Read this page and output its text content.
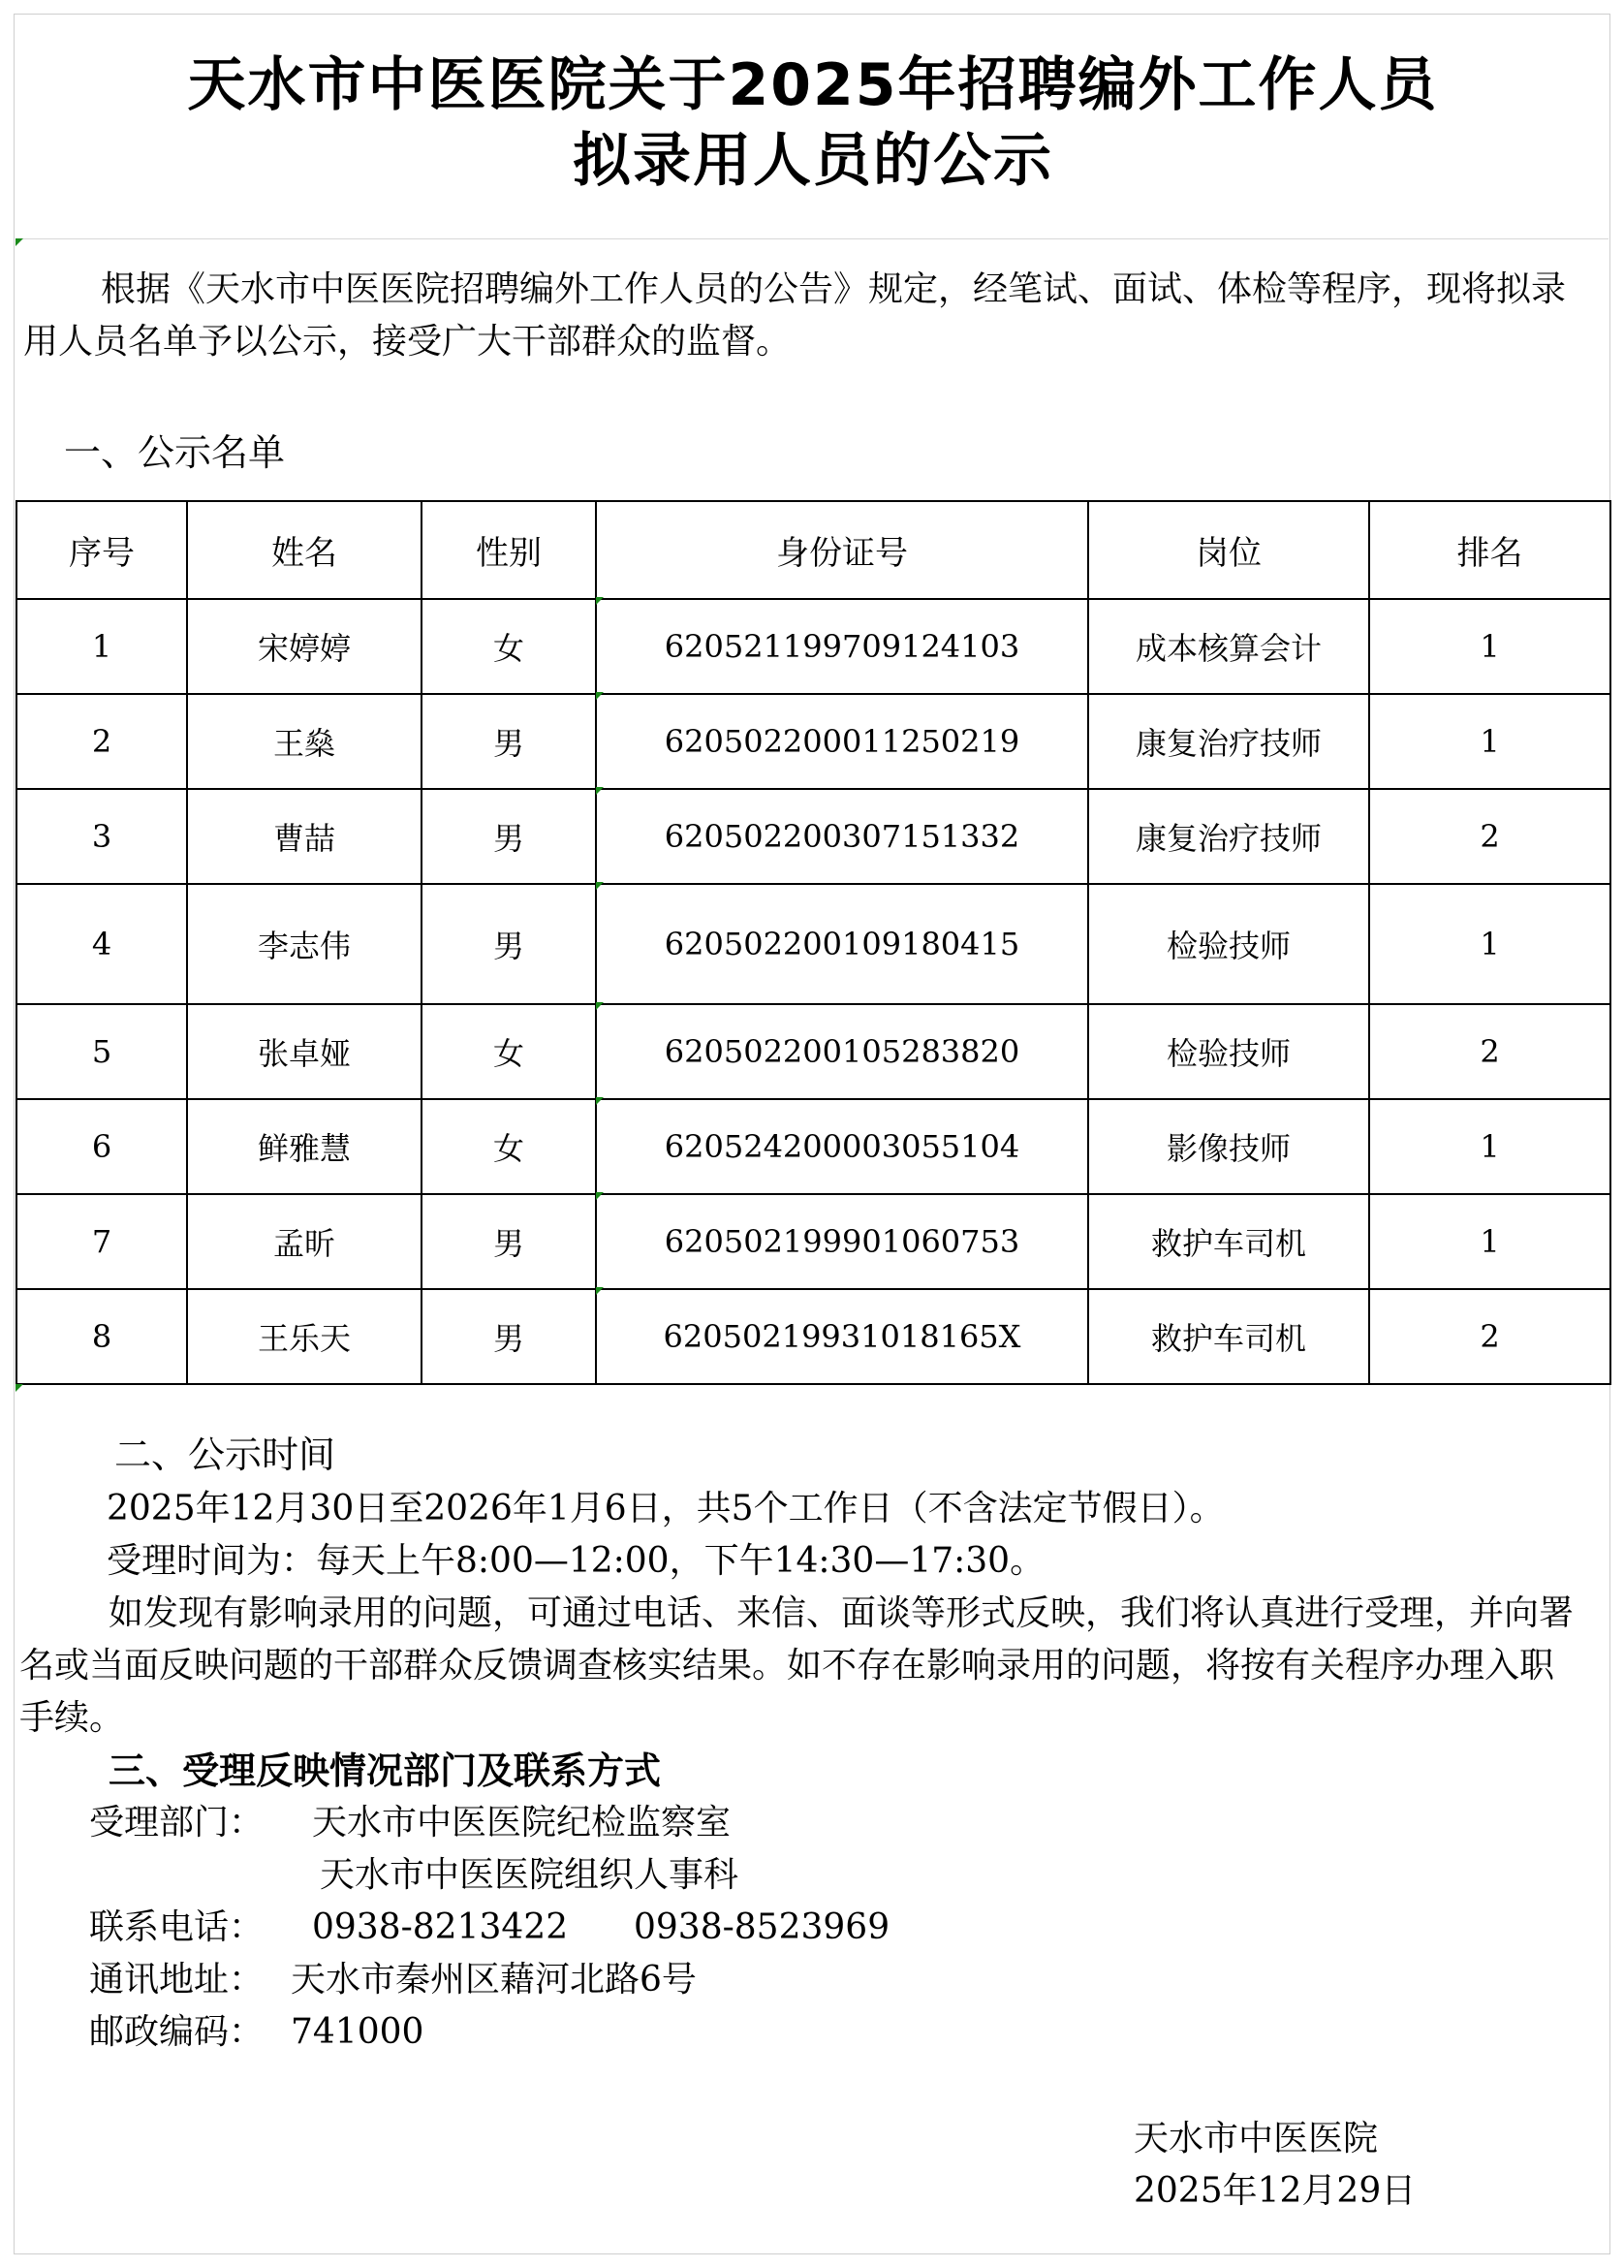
天水市中医医院关于2025年招聘编外工作人员
拟录用人员的公示
根据《天水市中医医院招聘编外工作人员的公告》规定，经笔试、面试、体检等程序，现将拟录用人员名单予以公示，接受广大干部群众的监督。
一、公示名单
序号	姓名	性别	身份证号	岗位	排名
1	宋婷婷	女	620521199709124103	成本核算会计	1
2	王燊	男	620502200011250219	康复治疗技师	1
3	曹喆	男	620502200307151332	康复治疗技师	2
4	李志伟	男	620502200109180415	检验技师	1
5	张卓娅	女	620502200105283820	检验技师	2
6	鲜雅慧	女	620524200003055104	影像技师	1
7	孟昕	男	620502199901060753	救护车司机	1
8	王乐天	男	62050219931018165X	救护车司机	2
二、公示时间
2025年12月30日至2026年1月6日，共5个工作日（不含法定节假日）。
受理时间为：每天上午8:00—12:00，下午14:30—17:30。
如发现有影响录用的问题，可通过电话、来信、面谈等形式反映，我们将认真进行受理，并向署名或当面反映问题的干部群众反馈调查核实结果。如不存在影响录用的问题，将按有关程序办理入职手续。
三、受理反映情况部门及联系方式
受理部门： 天水市中医医院纪检监察室
天水市中医医院组织人事科
联系电话： 0938-8213422 0938-8523969
通讯地址： 天水市秦州区藉河北路6号
邮政编码： 741000
天水市中医医院
2025年12月29日
